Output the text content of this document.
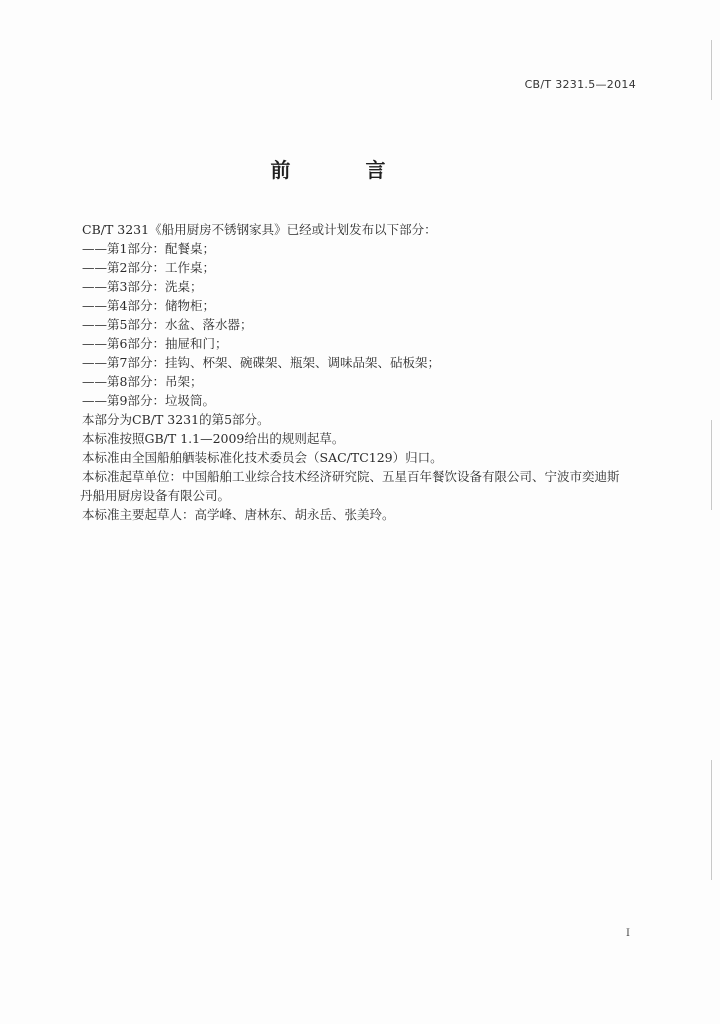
CB/T 3231.5—2014
前 言
CB/T 3231《船用厨房不锈钢家具》已经或计划发布以下部分：
——第1部分：配餐桌；
——第2部分：工作桌；
——第3部分：洗桌；
——第4部分：储物柜；
——第5部分：水盆、落水器；
——第6部分：抽屉和门；
——第7部分：挂钩、杯架、碗碟架、瓶架、调味品架、砧板架；
——第8部分：吊架；
——第9部分：垃圾筒。
本部分为CB/T 3231的第5部分。
本标准按照GB/T 1.1—2009给出的规则起草。
本标准由全国船舶舾装标准化技术委员会（SAC/TC129）归口。
本标准起草单位：中国船舶工业综合技术经济研究院、五星百年餐饮设备有限公司、宁波市奕迪斯
丹船用厨房设备有限公司。
本标准主要起草人：高学峰、唐林东、胡永岳、张美玲。
I
